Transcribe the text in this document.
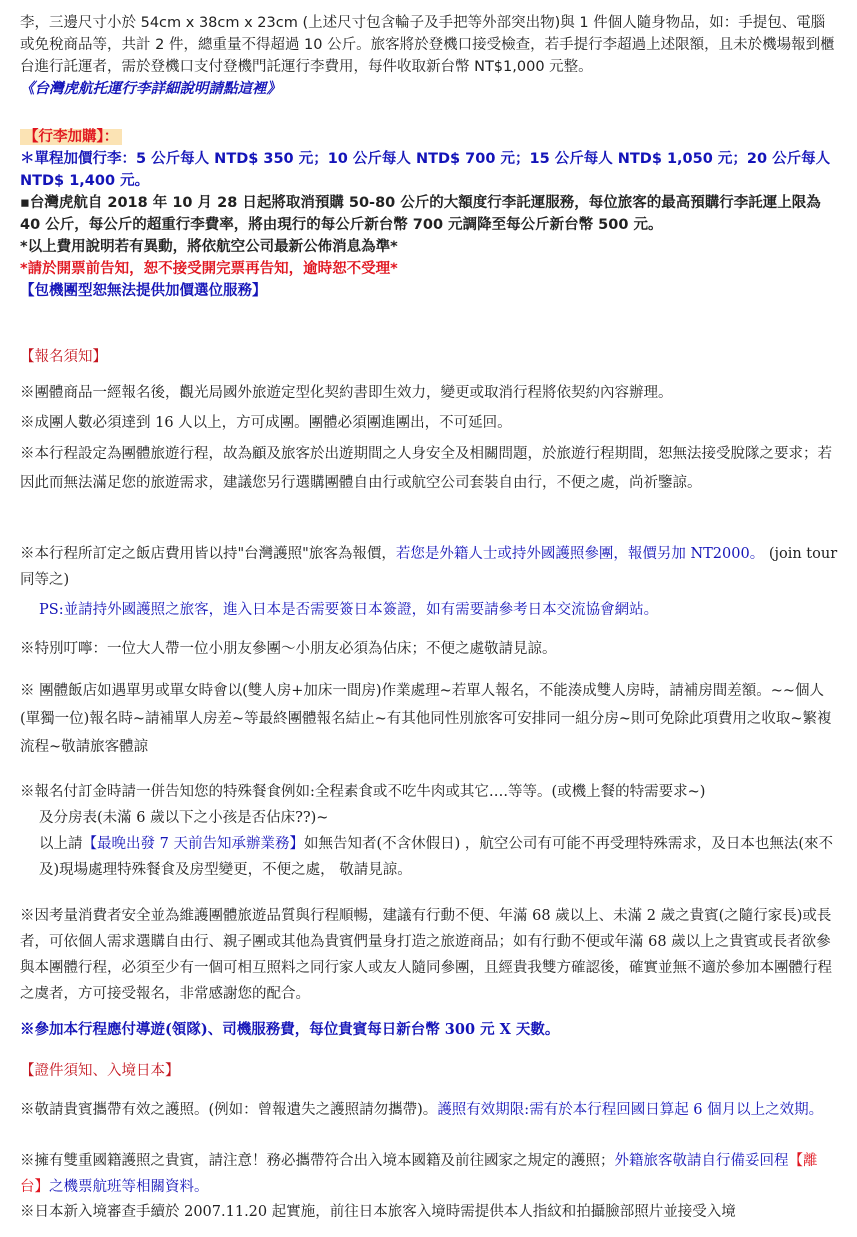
李，三邊尺寸小於 54cm x 38cm x 23cm (上述尺寸包含輪子及手把等外部突出物)與 1 件個人隨身物品，如：手提包、電腦或免稅商品等，共計 2 件，總重量不得超過 10 公斤。旅客將於登機口接受檢查，若手提行李超過上述限額，且未於機場報到櫃台進行託運者，需於登機口支付登機門託運行李費用，每件收取新台幣 NT$1,000 元整。

《台灣虎航托運行李詳細說明請點這裡》

【行李加購】：

＊單程加價行李：5 公斤每人 NTD$ 350 元；10 公斤每人 NTD$ 700 元；15 公斤每人 NTD$ 1,050 元；20 公斤每人 NTD$ 1,400 元。

▪台灣虎航自 2018 年 10 月 28 日起將取消預購 50-80 公斤的大額度行李託運服務，每位旅客的最高預購行李託運上限為 40 公斤，每公斤的超重行李費率，將由現行的每公斤新台幣 700 元調降至每公斤新台幣 500 元。

*以上費用說明若有異動，將依航空公司最新公佈消息為準*

*請於開票前告知，恕不接受開完票再告知，逾時恕不受理*

【包機團型恕無法提供加價選位服務】

【報名須知】

※團體商品一經報名後，觀光局國外旅遊定型化契約書即生效力，變更或取消行程將依契約內容辦理。

※成團人數必須達到 16 人以上，方可成團。團體必須團進團出，不可延回。

※本行程設定為團體旅遊行程，故為顧及旅客於出遊期間之人身安全及相關問題，於旅遊行程期間，恕無法接受脫隊之要求；若因此而無法滿足您的旅遊需求，建議您另行選購團體自由行或航空公司套裝自由行，不便之處，尚祈鑒諒。

※本行程所訂定之飯店費用皆以持"台灣護照"旅客為報價，若您是外籍人士或持外國護照參團，報價另加 NT2000。 (join tour 同等之)

PS:並請持外國護照之旅客，進入日本是否需要簽日本簽證，如有需要請參考日本交流協會網站。

※特別叮嚀：一位大人帶一位小朋友參團～小朋友必須為佔床；不便之處敬請見諒。

※ 團體飯店如遇單男或單女時會以(雙人房+加床一間房)作業處理~若單人報名，不能湊成雙人房時，請補房間差額。~~個人(單獨一位)報名時~請補單人房差~等最終團體報名結止~有其他同性別旅客可安排同一組分房~則可免除此項費用之收取~繁複流程~敬請旅客體諒

※報名付訂金時請一併告知您的特殊餐食例如:全程素食或不吃牛肉或其它….等等。(或機上餐的特需要求~)

及分房表(未滿 6 歲以下之小孩是否佔床??)~

以上請【最晚出發 7 天前告知承辦業務】如無告知者(不含休假日) ，航空公司有可能不再受理特殊需求，及日本也無法(來不及)現場處理特殊餐食及房型變更，不便之處， 敬請見諒。

※因考量消費者安全並為維護團體旅遊品質與行程順暢，建議有行動不便、年滿 68 歲以上、未滿 2 歲之貴賓(之隨行家長)或長者，可依個人需求選購自由行、親子團或其他為貴賓們量身打造之旅遊商品；如有行動不便或年滿 68 歲以上之貴賓或長者欲參與本團體行程，必須至少有一個可相互照料之同行家人或友人隨同參團，且經貴我雙方確認後，確實並無不適於參加本團體行程之虞者，方可接受報名，非常感謝您的配合。

※參加本行程應付導遊(領隊)、司機服務費，每位貴賓每日新台幣 300 元 X 天數。

【證件須知、入境日本】

※敬請貴賓攜帶有效之護照。(例如：曾報遺失之護照請勿攜帶)。護照有效期限:需有於本行程回國日算起 6 個月以上之效期。

※擁有雙重國籍護照之貴賓，請注意！務必攜帶符合出入境本國籍及前往國家之規定的護照；外籍旅客敬請自行備妥回程【離台】之機票航班等相關資料。

※日本新入境審查手續於 2007.11.20 起實施，前往日本旅客入境時需提供本人指紋和拍攝臉部照片並接受入境
